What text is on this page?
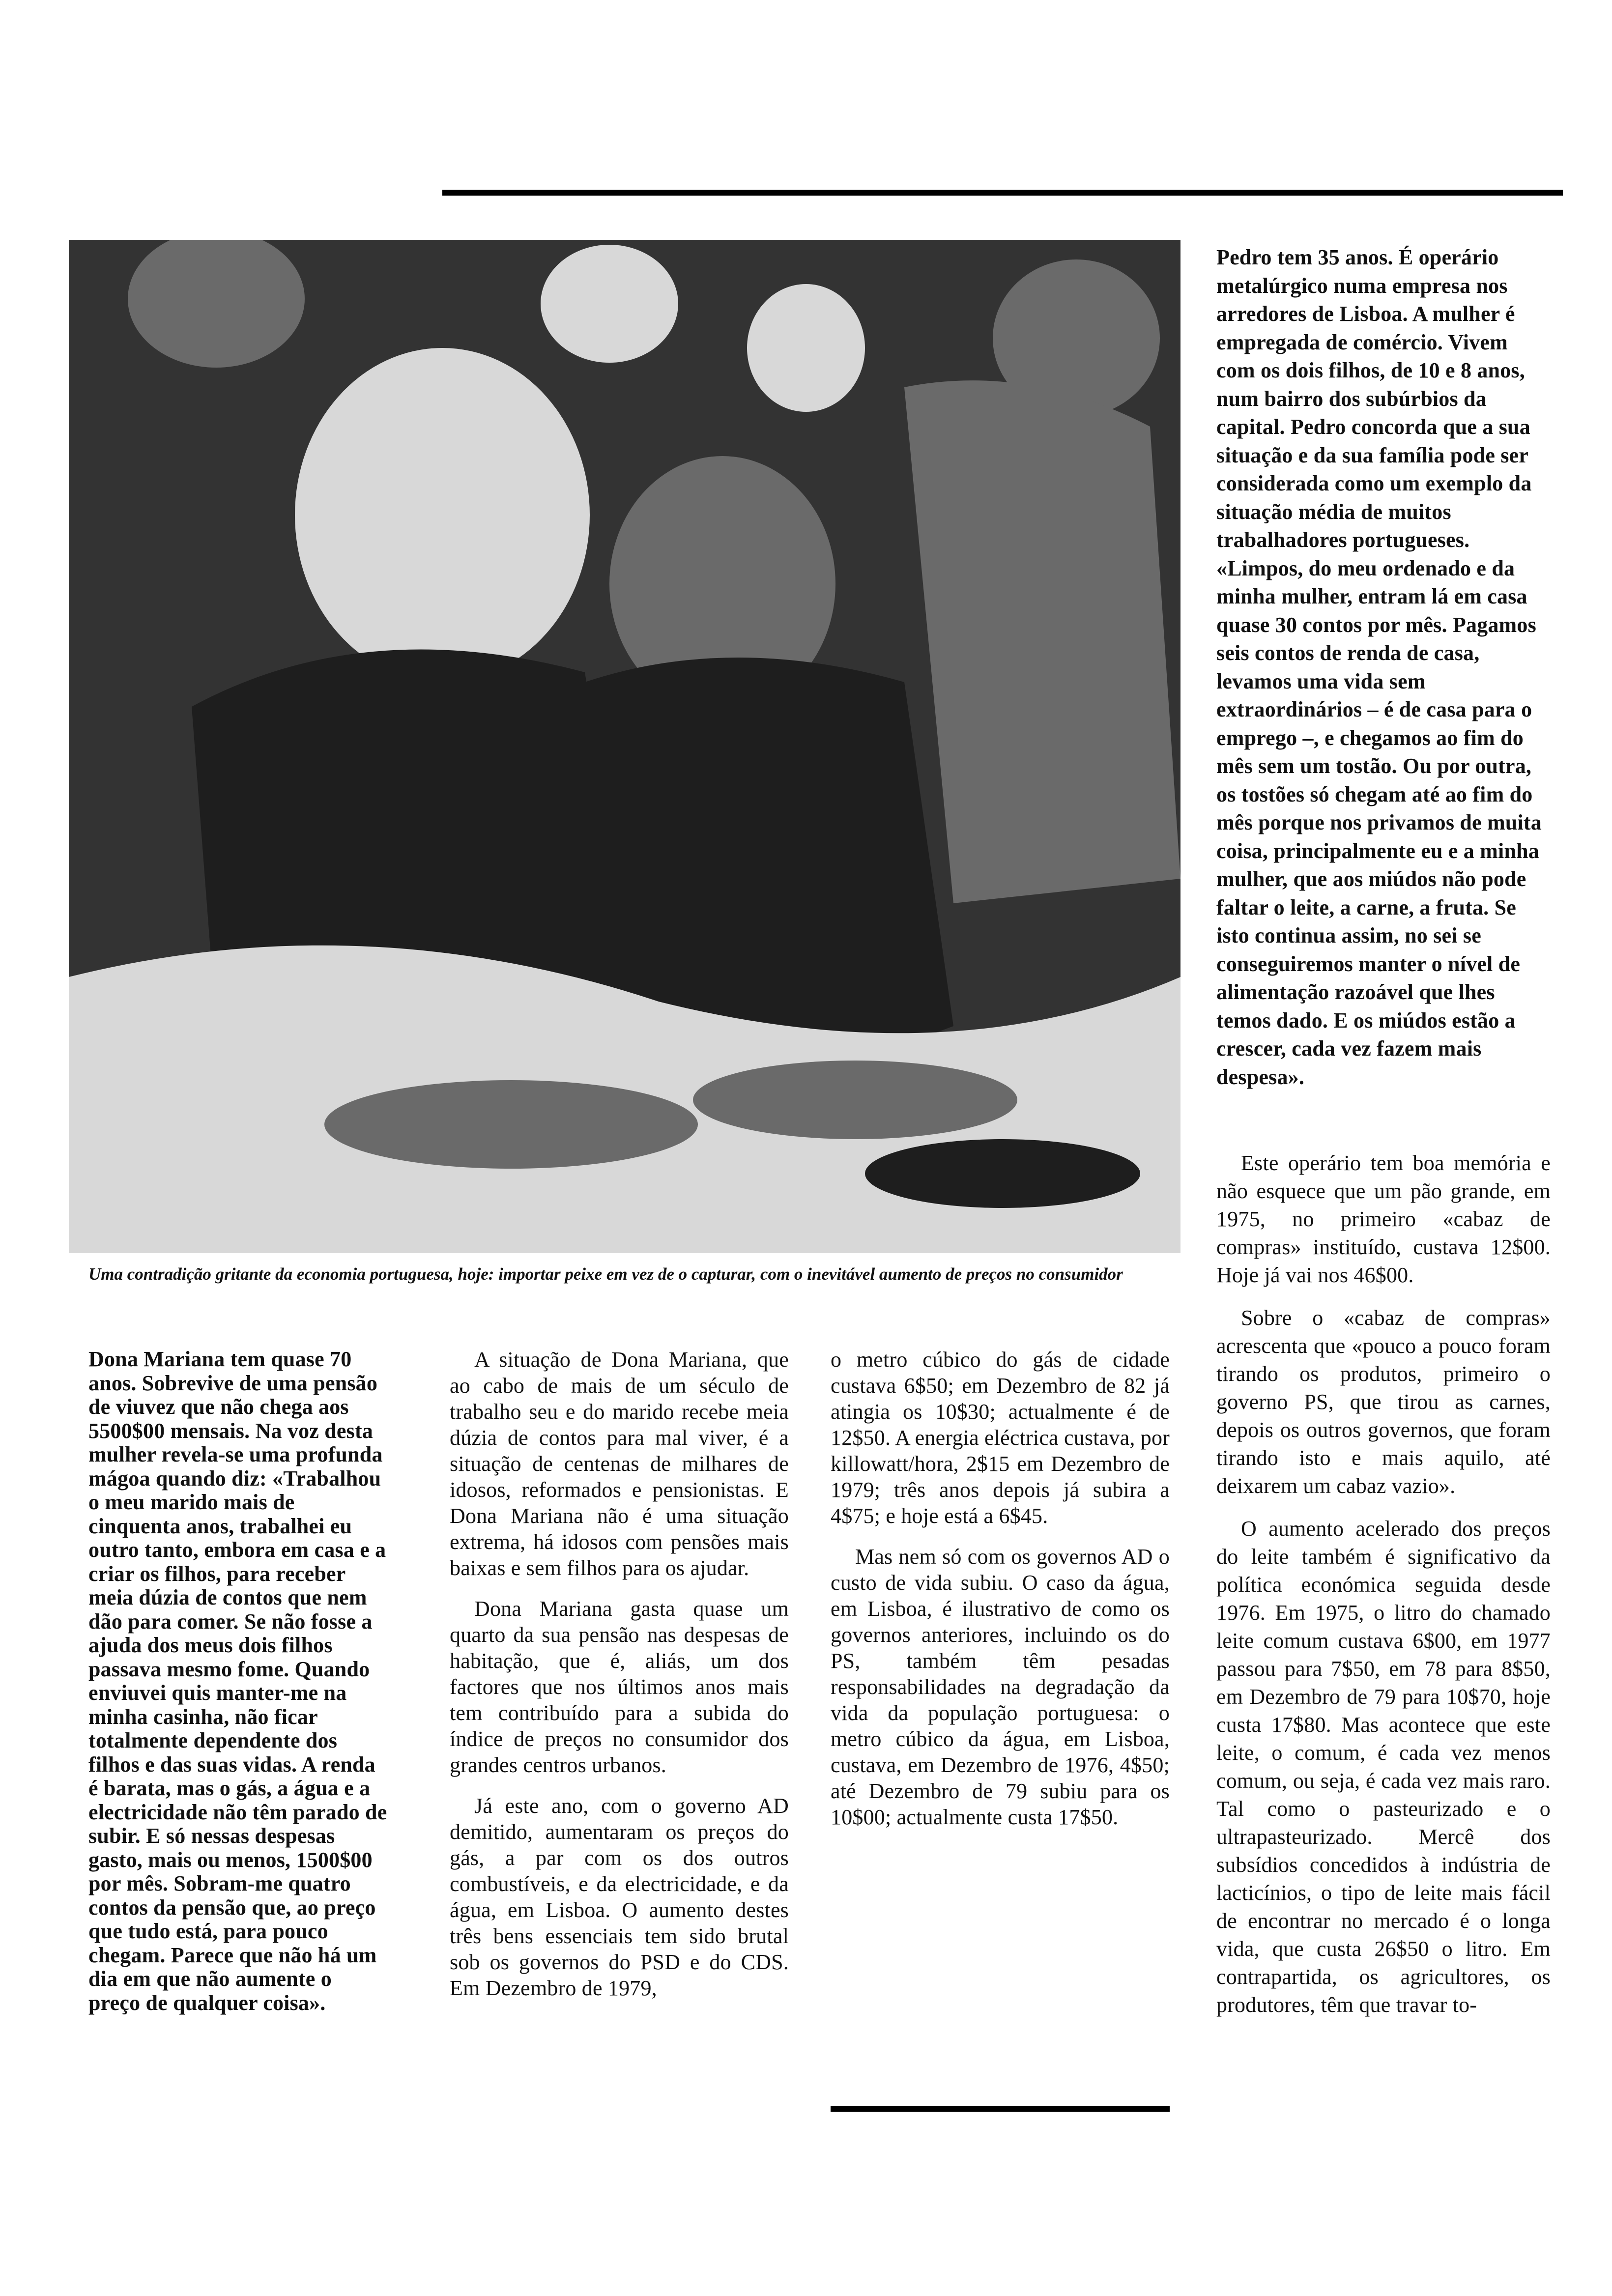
Uma contradição gritante da economia portuguesa, hoje: importar peixe em vez de o capturar, com o inevitável aumento de preços no consumidor

Pedro tem 35 anos. É operário metalúrgico numa empresa nos arredores de Lisboa. A mulher é empregada de comércio. Vivem com os dois filhos, de 10 e 8 anos, num bairro dos subúrbios da capital. Pedro concorda que a sua situação e da sua família pode ser considerada como um exemplo da situação média de muitos trabalhadores portugueses. «Limpos, do meu ordenado e da minha mulher, entram lá em casa quase 30 contos por mês. Pagamos seis contos de renda de casa, levamos uma vida sem extraordinários – é de casa para o emprego –, e chegamos ao fim do mês sem um tostão. Ou por outra, os tostões só chegam até ao fim do mês porque nos privamos de muita coisa, principalmente eu e a minha mulher, que aos miúdos não pode faltar o leite, a carne, a fruta. Se isto continua assim, no sei se conseguiremos manter o nível de alimentação razoável que lhes temos dado. E os miúdos estão a crescer, cada vez fazem mais despesa».

Este operário tem boa memória e não esquece que um pão grande, em 1975, no primeiro «cabaz de compras» instituído, custava 12$00. Hoje já vai nos 46$00.

Sobre o «cabaz de compras» acrescenta que «pouco a pouco foram tirando os produtos, primeiro o governo PS, que tirou as carnes, depois os outros governos, que foram tirando isto e mais aquilo, até deixarem um cabaz vazio».

O aumento acelerado dos preços do leite também é significativo da política económica seguida desde 1976. Em 1975, o litro do chamado leite comum custava 6$00, em 1977 passou para 7$50, em 78 para 8$50, em Dezembro de 79 para 10$70, hoje custa 17$80. Mas acontece que este leite, o comum, é cada vez menos comum, ou seja, é cada vez mais raro. Tal como o pasteurizado e o ultrapasteurizado. Mercê dos subsídios concedidos à indústria de lacticínios, o tipo de leite mais fácil de encontrar no mercado é o longa vida, que custa 26$50 o litro. Em contrapartida, os agricultores, os produtores, têm que travar to-

Dona Mariana tem quase 70 anos. Sobrevive de uma pensão de viuvez que não chega aos 5500$00 mensais. Na voz desta mulher revela-se uma profunda mágoa quando diz: «Trabalhou o meu marido mais de cinquenta anos, trabalhei eu outro tanto, embora em casa e a criar os filhos, para receber meia dúzia de contos que nem dão para comer. Se não fosse a ajuda dos meus dois filhos passava mesmo fome. Quando enviuvei quis manter-me na minha casinha, não ficar totalmente dependente dos filhos e das suas vidas. A renda é barata, mas o gás, a água e a electricidade não têm parado de subir. E só nessas despesas gasto, mais ou menos, 1500$00 por mês. Sobram-me quatro contos da pensão que, ao preço que tudo está, para pouco chegam. Parece que não há um dia em que não aumente o preço de qualquer coisa».

A situação de Dona Mariana, que ao cabo de mais de um século de trabalho seu e do marido recebe meia dúzia de contos para mal viver, é a situação de centenas de milhares de idosos, reformados e pensionistas. E Dona Mariana não é uma situação extrema, há idosos com pensões mais baixas e sem filhos para os ajudar.

Dona Mariana gasta quase um quarto da sua pensão nas despesas de habitação, que é, aliás, um dos factores que nos últimos anos mais tem contribuído para a subida do índice de preços no consumidor dos grandes centros urbanos.

Já este ano, com o governo AD demitido, aumentaram os preços do gás, a par com os dos outros combustíveis, e da electricidade, e da água, em Lisboa. O aumento destes três bens essenciais tem sido brutal sob os governos do PSD e do CDS. Em Dezembro de 1979,

o metro cúbico do gás de cidade custava 6$50; em Dezembro de 82 já atingia os 10$30; actualmente é de 12$50. A energia eléctrica custava, por killowatt/hora, 2$15 em Dezembro de 1979; três anos depois já subira a 4$75; e hoje está a 6$45.

Mas nem só com os governos AD o custo de vida subiu. O caso da água, em Lisboa, é ilustrativo de como os governos anteriores, incluindo os do PS, também têm pesadas responsabilidades na degradação da vida da população portuguesa: o metro cúbico da água, em Lisboa, custava, em Dezembro de 1976, 4$50; até Dezembro de 79 subiu para os 10$00; actualmente custa 17$50.
